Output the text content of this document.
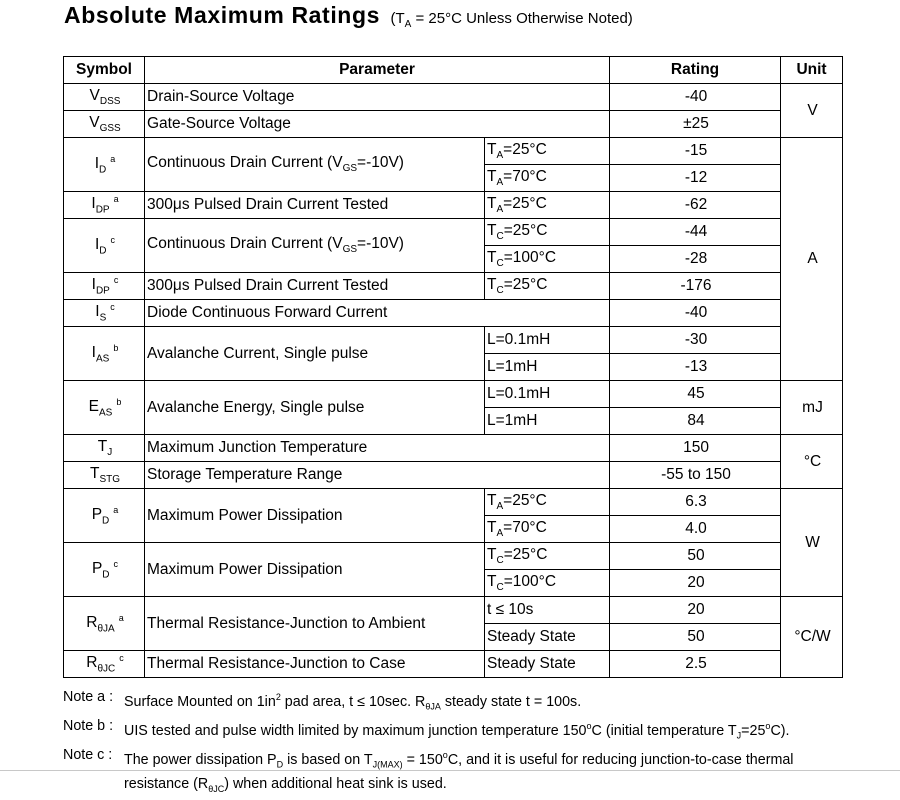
Absolute Maximum Ratings ($T_A = 25^\circ C$ Unless Otherwise Noted)
Symbol	Parameter		Rating	Unit
$V_{DSS}$	Drain-Source Voltage		-40	V
$V_{GSS}$	Gate-Source Voltage		±25	
$I_D^a$	Continuous Drain Current $(V_{GS}=-10V)$	$T_A=25^\circ C$	-15	A
		$T_A=70^\circ C$	-12	
$I_{DP}^a$	300μs Pulsed Drain Current Tested	$T_A=25^\circ C$	-62	
$I_D^c$	Continuous Drain Current $(V_{GS}=-10V)$	$T_C=25^\circ C$	-44	
		$T_C=100^\circ C$	-28	
$I_{DP}^c$	300μs Pulsed Drain Current Tested	$T_C=25^\circ C$	-176	
$I_S^c$	Diode Continuous Forward Current		-40	
$I_{AS}^b$	Avalanche Current, Single pulse	L=0.1mH	-30	
		L=1mH	-13	
$E_{AS}^b$	Avalanche Energy, Single pulse	L=0.1mH	45	mJ
		L=1mH	84	
$T_J$	Maximum Junction Temperature		150	°C
$T_{STG}$	Storage Temperature Range		-55 to 150	
$P_D^a$	Maximum Power Dissipation	$T_A=25^\circ C$	6.3	W
		$T_A=70^\circ C$	4.0	
$P_D^c$	Maximum Power Dissipation	$T_C=25^\circ C$	50	
		$T_C=100^\circ C$	20	
$R_{\theta JA}^a$	Thermal Resistance-Junction to Ambient	t ≤ 10s	20	°C/W
		Steady State	50	
$R_{\theta JC}^c$	Thermal Resistance-Junction to Case	Steady State	2.5	
Note a : Surface Mounted on $1in^2$ pad area, t ≤ 10sec. $R_{\theta JA}$ steady state t = 100s.
Note b : UIS tested and pulse width limited by maximum junction temperature 150$^o$C (initial temperature $T_J=25^oC$).
Note c : The power dissipation $P_D$ is based on $T_{J(MAX)} = 150^oC$, and it is useful for reducing junction-to-case thermal
resistance $(R_{\theta JC})$ when additional heat sink is used.
